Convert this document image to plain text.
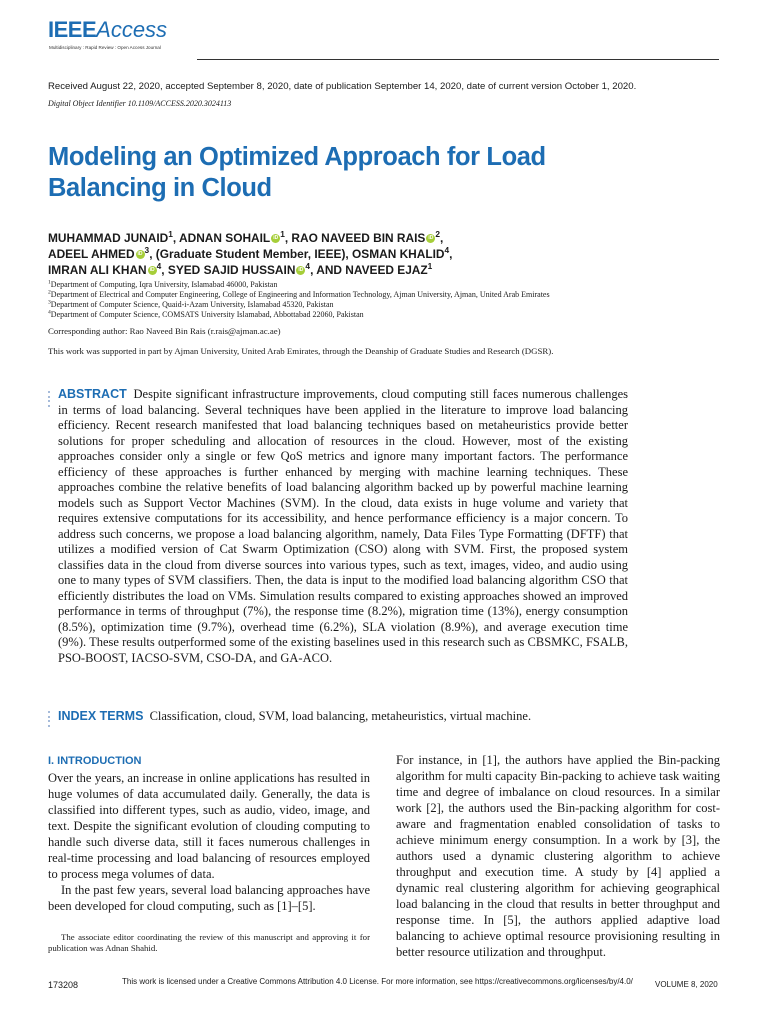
IEEEAccess
Multidisciplinary : Rapid Review : Open Access Journal
Received August 22, 2020, accepted September 8, 2020, date of publication September 14, 2020, date of current version October 1, 2020.
Digital Object Identifier 10.1109/ACCESS.2020.3024113
Modeling an Optimized Approach for Load Balancing in Cloud
MUHAMMAD JUNAID$^1$, ADNAN SOHAIL iD $^1$, RAO NAVEED BIN RAIS iD $^2$,
ADEEL AHMED iD $^3$, (Graduate Student Member, IEEE), OSMAN KHALID$^4$,
IMRAN ALI KHAN iD $^4$, SYED SAJID HUSSAIN iD $^4$, AND NAVEED EJAZ$^1$
$^1$Department of Computing, Iqra University, Islamabad 46000, Pakistan
$^2$Department of Electrical and Computer Engineering, College of Engineering and Information Technology, Ajman University, Ajman, United Arab Emirates
$^3$Department of Computer Science, Quaid-i-Azam University, Islamabad 45320, Pakistan
$^4$Department of Computer Science, COMSATS University Islamabad, Abbottabad 22060, Pakistan
Corresponding author: Rao Naveed Bin Rais (r.rais@ajman.ac.ae)
This work was supported in part by Ajman University, United Arab Emirates, through the Deanship of Graduate Studies and Research (DGSR).
ABSTRACT Despite significant infrastructure improvements, cloud computing still faces numerous challenges in terms of load balancing. Several techniques have been applied in the literature to improve load balancing efficiency. Recent research manifested that load balancing techniques based on metaheuristics provide better solutions for proper scheduling and allocation of resources in the cloud. However, most of the existing approaches consider only a single or few QoS metrics and ignore many important factors. The performance efficiency of these approaches is further enhanced by merging with machine learning techniques. These approaches combine the relative benefits of load balancing algorithm backed up by powerful machine learning models such as Support Vector Machines (SVM). In the cloud, data exists in huge volume and variety that requires extensive computations for its accessibility, and hence performance efficiency is a major concern. To address such concerns, we propose a load balancing algorithm, namely, Data Files Type Formatting (DFTF) that utilizes a modified version of Cat Swarm Optimization (CSO) along with SVM. First, the proposed system classifies data in the cloud from diverse sources into various types, such as text, images, video, and audio using one to many types of SVM classifiers. Then, the data is input to the modified load balancing algorithm CSO that efficiently distributes the load on VMs. Simulation results compared to existing approaches showed an improved performance in terms of throughput (7%), the response time (8.2%), migration time (13%), energy consumption (8.5%), optimization time (9.7%), overhead time (6.2%), SLA violation (8.9%), and average execution time (9%). These results outperformed some of the existing baselines used in this research such as CBSMKC, FSALB, PSO-BOOST, IACSO-SVM, CSO-DA, and GA-ACO.
INDEX TERMS Classification, cloud, SVM, load balancing, metaheuristics, virtual machine.
I. INTRODUCTION

Over the years, an increase in online applications has resulted in huge volumes of data accumulated daily. Generally, the data is classified into different types, such as audio, video, image, and text. Despite the significant evolution of clouding computing to handle such diverse data, still it faces numerous challenges in real-time processing and load balancing of resources employed to process mega volumes of data.

In the past few years, several load balancing approaches have been developed for cloud computing, such as [1]–[5].

The associate editor coordinating the review of this manuscript and approving it for publication was Adnan Shahid.

For instance, in [1], the authors have applied the Bin-packing algorithm for multi capacity Bin-packing to achieve task waiting time and degree of imbalance on cloud resources. In a similar work [2], the authors used the Bin-packing algorithm for cost-aware and fragmentation enabled consolidation of tasks to achieve minimum energy consumption. In a work by [3], the authors used a dynamic clustering algorithm to achieve throughput and execution time. A study by [4] applied a dynamic real clustering algorithm for achieving geographical load balancing in the cloud that results in better throughput and response time. In [5], the authors applied adaptive load balancing to achieve optimal resource provisioning resulting in better resource utilization and throughput.

173208	This work is licensed under a Creative Commons Attribution 4.0 License. For more information, see https://creativecommons.org/licenses/by/4.0/	VOLUME 8, 2020
